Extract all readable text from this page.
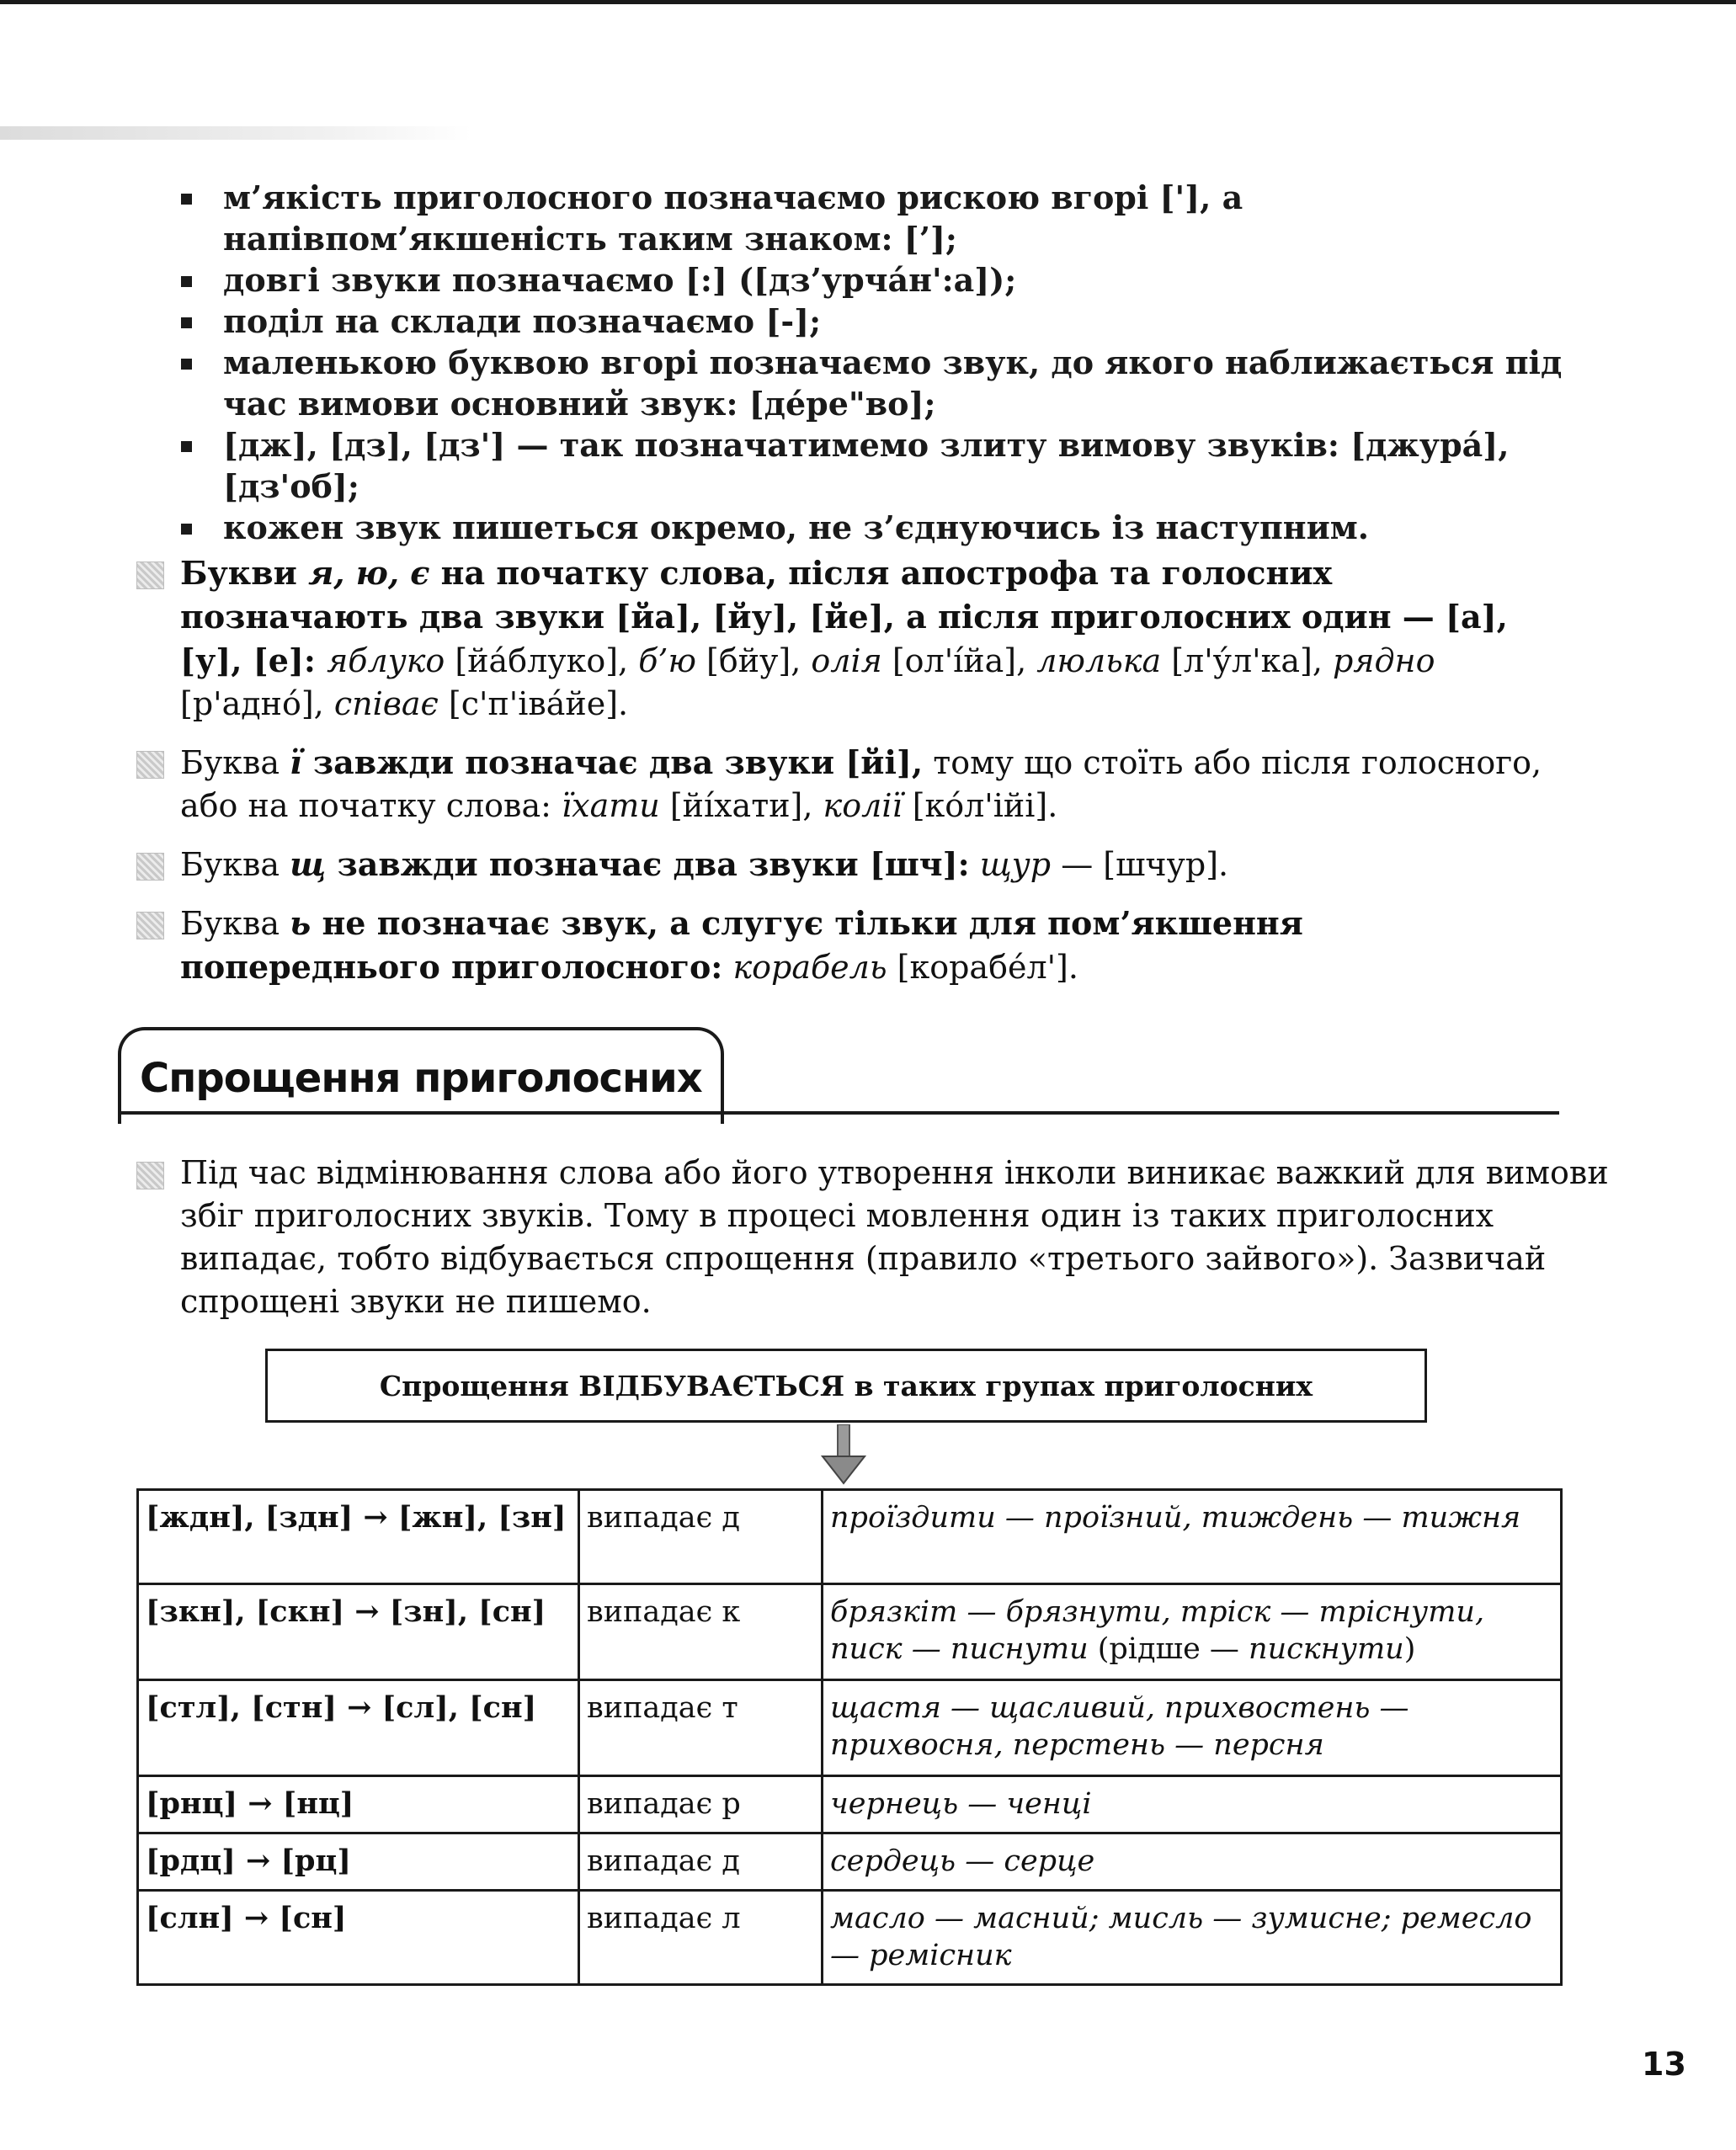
м’якість приголосного позначаємо рискою вгорі ['], а напівпом’якшеність таким знаком: [’];
довгі звуки позначаємо [:] ([дз’урча́н':а]);
поділ на склади позначаємо [-];
маленькою буквою вгорі позначаємо звук, до якого наближається під час вимови основний звук: [де́ре"во];
[дж], [дз], [дз'] — так позначатимемо злиту вимову звуків: [джура́], [дз'об];
кожен звук пишеться окремо, не з’єднуючись із наступним.
Букви я, ю, є на початку слова, після апострофа та голосних позначають два звуки [йа], [йу], [йе], а після приголосних один — [а], [у], [е]: яблуко [йа́блуко], б’ю [бйу], олія [ол'і́йа], люлька [л'у́л'ка], рядно [р'адно́], співає [с'п'іва́йе].
Буква ї завжди позначає два звуки [йі], тому що стоїть або після голосного, або на початку слова: їхати [йі́хати], колії [ко́л'ійі].
Буква щ завжди позначає два звуки [шч]: щур — [шчур].
Буква ь не позначає звук, а слугує тільки для пом’якшення попереднього приголосного: корабель [корабе́л'].
Спрощення приголосних
Під час відмінювання слова або його утворення інколи виникає важкий для вимови збіг приголосних звуків. Тому в процесі мовлення один із таких приголосних випадає, тобто відбувається спрощення (правило «третього зайвого»). Зазвичай спрощені звуки не пишемо.
Спрощення ВІДБУВАЄТЬСЯ в таких групах приголосних
[ждн], [здн] → [жн], [зн]	випадає д	проїздити — проїзний, тиждень — тижня
[зкн], [скн] → [зн], [сн]	випадає к	брязкіт — брязнути, тріск — тріснути, писк — писнути (рідше — пискнути)
[стл], [стн] → [сл], [сн]	випадає т	щастя — щасливий, прихвостень — прихвосня, перстень — персня
[рнц] → [нц]	випадає р	чернець — ченці
[рдц] → [рц]	випадає д	сердець — серце
[слн] → [сн]	випадає л	масло — масний; мисль — зумисне; ремесло — ремісник
13
